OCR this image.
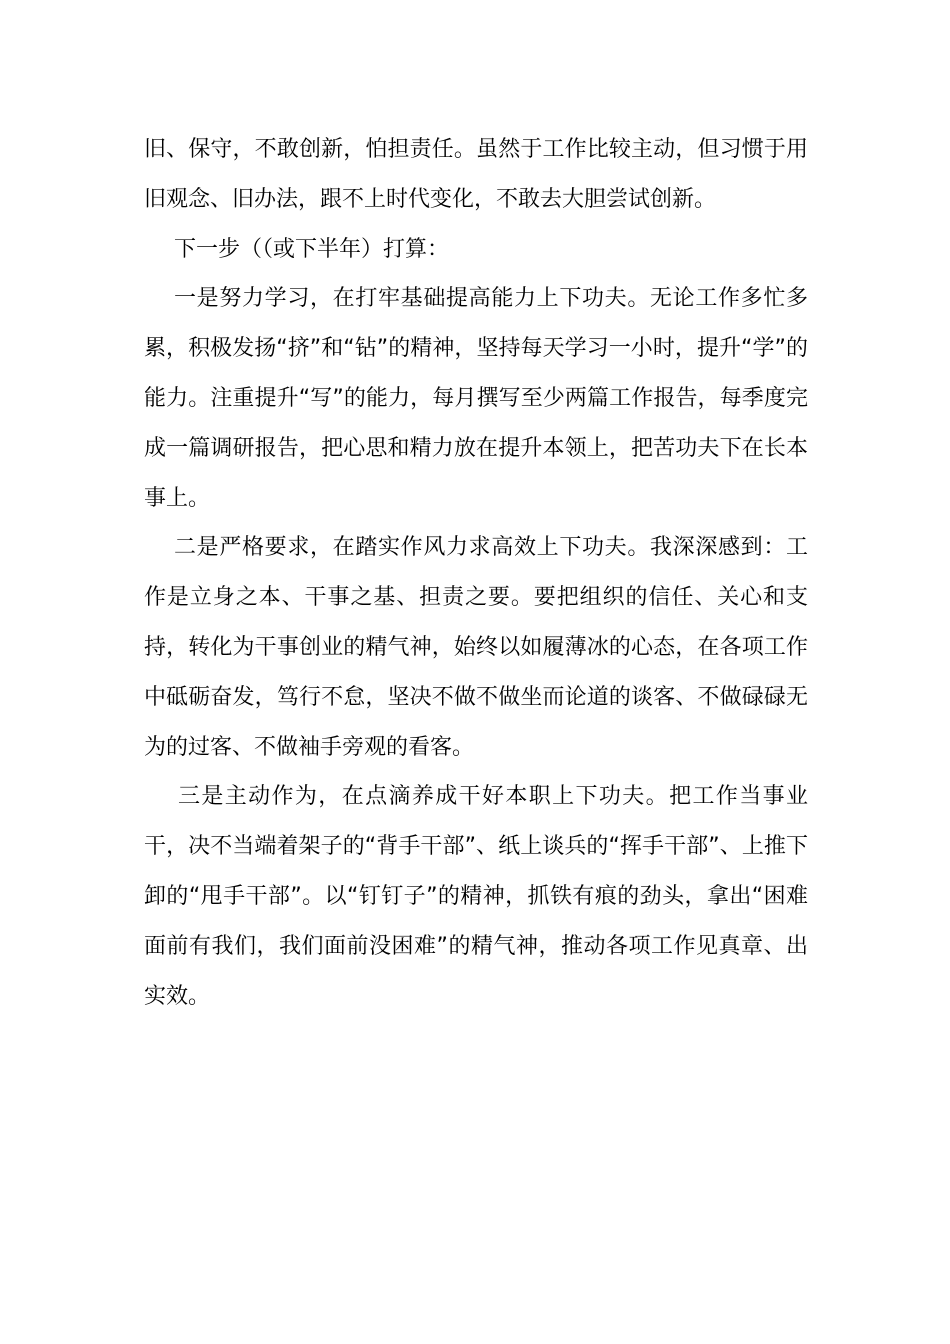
旧、保守，不敢创新，怕担责任。虽然于工作比较主动，但习惯于用旧观念、旧办法，跟不上时代变化，不敢去大胆尝试创新。

下一步（（或下半年）打算：

一是努力学习，在打牢基础提高能力上下功夫。无论工作多忙多累，积极发扬“挤”和“钻”的精神，坚持每天学习一小时，提升“学”的能力。注重提升“写”的能力，每月撰写至少两篇工作报告，每季度完成一篇调研报告，把心思和精力放在提升本领上，把苦功夫下在长本事上。

二是严格要求，在踏实作风力求高效上下功夫。我深深感到：工作是立身之本、干事之基、担责之要。要把组织的信任、关心和支持，转化为干事创业的精气神，始终以如履薄冰的心态，在各项工作中砥砺奋发，笃行不怠，坚决不做不做坐而论道的谈客、不做碌碌无为的过客、不做袖手旁观的看客。

三是主动作为，在点滴养成干好本职上下功夫。把工作当事业干，决不当端着架子的“背手干部”、纸上谈兵的“挥手干部”、上推下卸的“甩手干部”。以“钉钉子”的精神，抓铁有痕的劲头，拿出“困难面前有我们，我们面前没困难”的精气神，推动各项工作见真章、出实效。
